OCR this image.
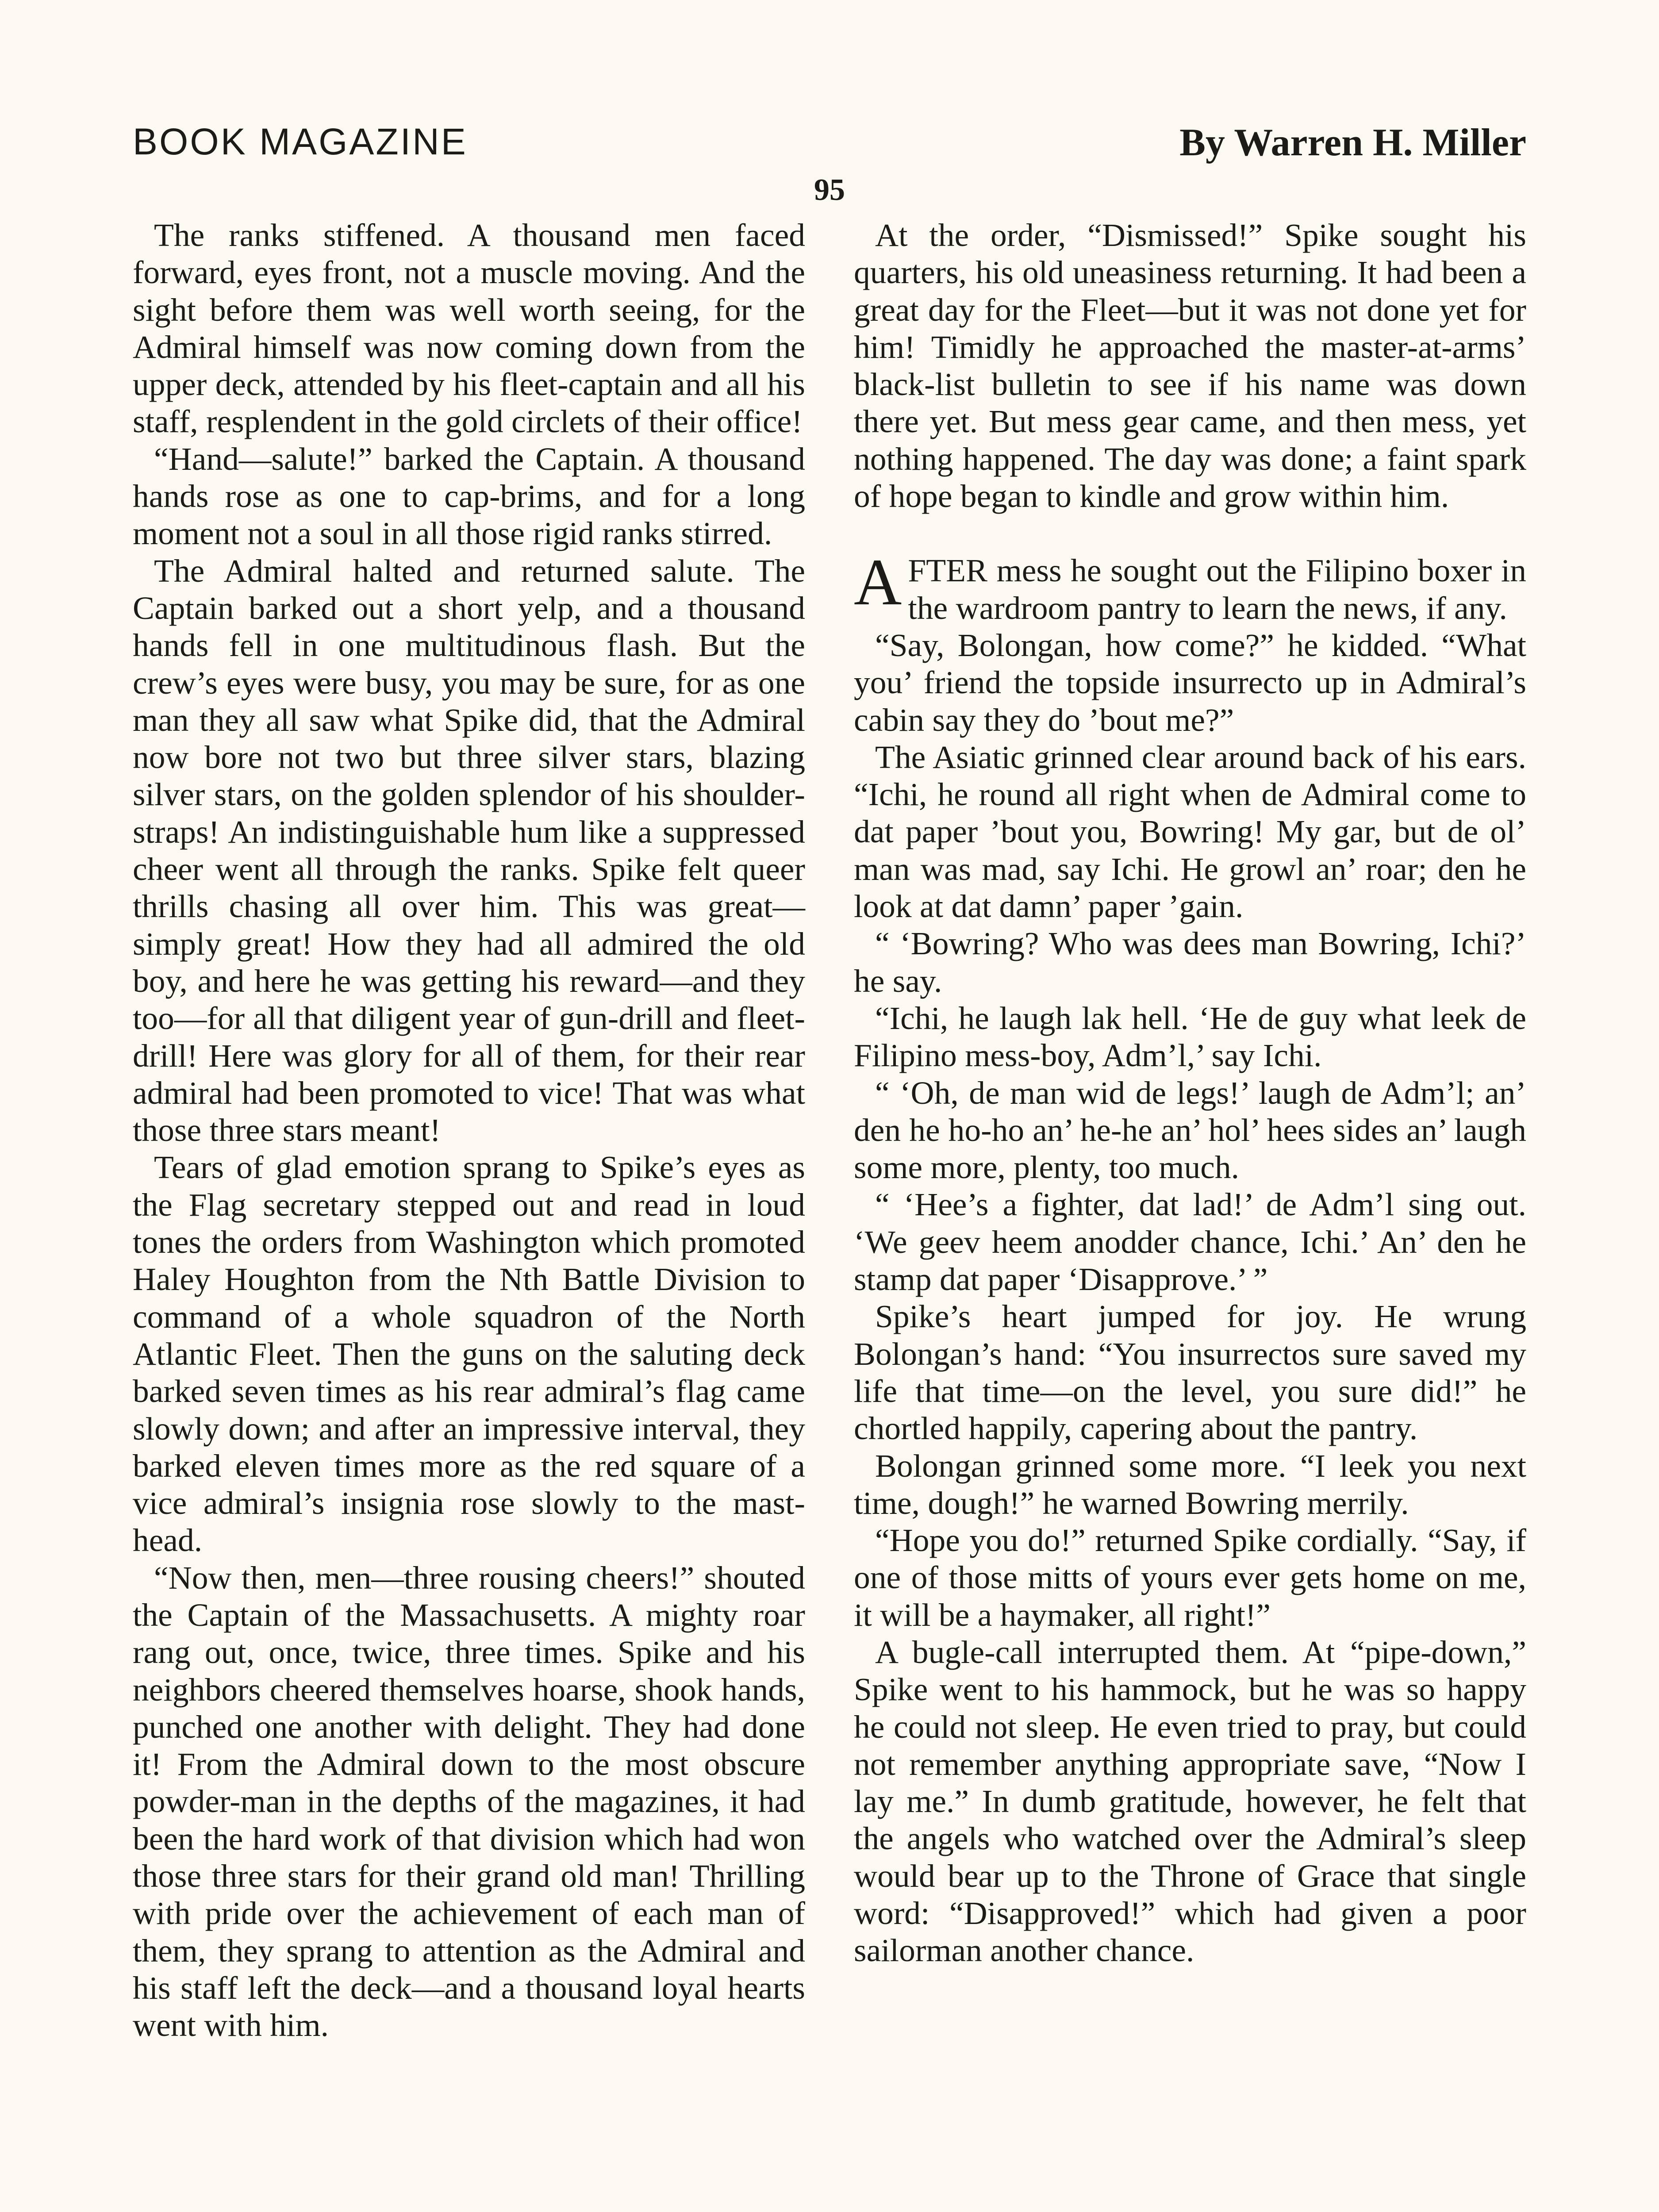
BOOK MAGAZINE	By Warren H. Miller
95

The ranks stiffened. A thousand men faced forward, eyes front, not a muscle moving. And the sight before them was well worth seeing, for the Admiral himself was now coming down from the upper deck, attended by his fleet-captain and all his staff, resplendent in the gold circlets of their office!

“Hand—salute!” barked the Captain. A thousand hands rose as one to cap-brims, and for a long moment not a soul in all those rigid ranks stirred.

The Admiral halted and returned salute. The Captain barked out a short yelp, and a thousand hands fell in one multitudinous flash. But the crew’s eyes were busy, you may be sure, for as one man they all saw what Spike did, that the Admiral now bore not two but three silver stars, blazing silver stars, on the golden splendor of his shoulder-straps! An indistinguishable hum like a suppressed cheer went all through the ranks. Spike felt queer thrills chasing all over him. This was great—simply great! How they had all admired the old boy, and here he was getting his reward—and they too—for all that diligent year of gun-drill and fleet-drill! Here was glory for all of them, for their rear admiral had been promoted to vice! That was what those three stars meant!

Tears of glad emotion sprang to Spike’s eyes as the Flag secretary stepped out and read in loud tones the orders from Washington which promoted Haley Houghton from the Nth Battle Division to command of a whole squadron of the North Atlantic Fleet. Then the guns on the saluting deck barked seven times as his rear admiral’s flag came slowly down; and after an impressive interval, they barked eleven times more as the red square of a vice admiral’s insignia rose slowly to the mast-head.

“Now then, men—three rousing cheers!” shouted the Captain of the Massachusetts. A mighty roar rang out, once, twice, three times. Spike and his neighbors cheered themselves hoarse, shook hands, punched one another with delight. They had done it! From the Admiral down to the most obscure powder-man in the depths of the magazines, it had been the hard work of that division which had won those three stars for their grand old man! Thrilling with pride over the achievement of each man of them, they sprang to attention as the Admiral and his staff left the deck—and a thousand loyal hearts went with him.

At the order, “Dismissed!” Spike sought his quarters, his old uneasiness returning. It had been a great day for the Fleet—but it was not done yet for him! Timidly he approached the master-at-arms’ black-list bulletin to see if his name was down there yet. But mess gear came, and then mess, yet nothing happened. The day was done; a faint spark of hope began to kindle and grow within him.

AFTER mess he sought out the Filipino boxer in the wardroom pantry to learn the news, if any.

“Say, Bolongan, how come?” he kidded. “What you’ friend the topside insurrecto up in Admiral’s cabin say they do ’bout me?”

The Asiatic grinned clear around back of his ears. “Ichi, he round all right when de Admiral come to dat paper ’bout you, Bowring! My gar, but de ol’ man was mad, say Ichi. He growl an’ roar; den he look at dat damn’ paper ’gain.

“ ‘Bowring? Who was dees man Bowring, Ichi?’ he say.

“Ichi, he laugh lak hell. ‘He de guy what leek de Filipino mess-boy, Adm’l,’ say Ichi.

“ ‘Oh, de man wid de legs!’ laugh de Adm’l; an’ den he ho-ho an’ he-he an’ hol’ hees sides an’ laugh some more, plenty, too much.

“ ‘Hee’s a fighter, dat lad!’ de Adm’l sing out. ‘We geev heem anodder chance, Ichi.’ An’ den he stamp dat paper ‘Disapprove.’ ”

Spike’s heart jumped for joy. He wrung Bolongan’s hand: “You insurrectos sure saved my life that time—on the level, you sure did!” he chortled happily, capering about the pantry.

Bolongan grinned some more. “I leek you next time, dough!” he warned Bowring merrily.

“Hope you do!” returned Spike cordially. “Say, if one of those mitts of yours ever gets home on me, it will be a haymaker, all right!”

A bugle-call interrupted them. At “pipe-down,” Spike went to his hammock, but he was so happy he could not sleep. He even tried to pray, but could not remember anything appropriate save, “Now I lay me.” In dumb gratitude, however, he felt that the angels who watched over the Admiral’s sleep would bear up to the Throne of Grace that single word: “Disapproved!” which had given a poor sailorman another chance.
